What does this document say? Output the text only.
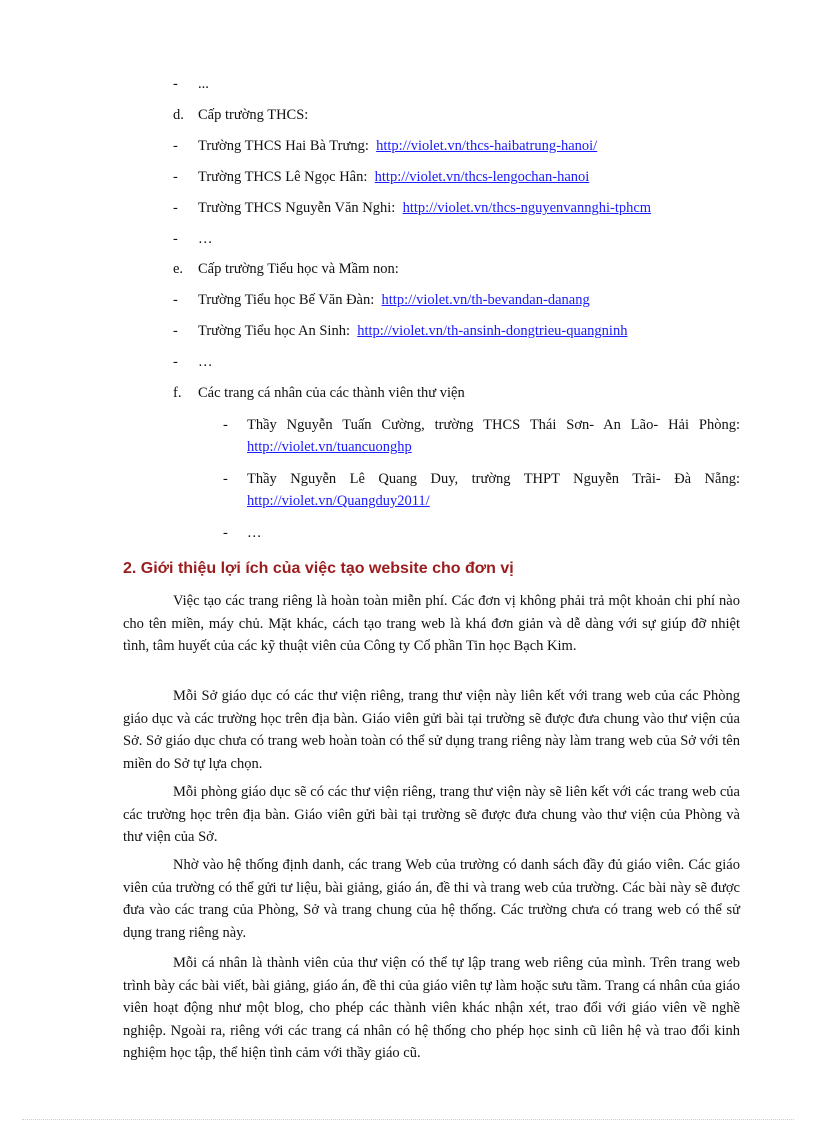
- ...
d. Cấp trường THCS:
- Trường THCS Hai Bà Trưng: http://violet.vn/thcs-haibatrung-hanoi/
- Trường THCS Lê Ngọc Hân: http://violet.vn/thcs-lengochan-hanoi
- Trường THCS Nguyễn Văn Nghi: http://violet.vn/thcs-nguyenvannghi-tphcm
- …
e. Cấp trường Tiểu học và Mầm non:
- Trường Tiểu học Bế Văn Đàn: http://violet.vn/th-bevandan-danang
- Trường Tiểu học An Sinh: http://violet.vn/th-ansinh-dongtrieu-quangninh
- …
f. Các trang cá nhân của các thành viên thư viện
- Thầy Nguyễn Tuấn Cường, trường THCS Thái Sơn- An Lão- Hải Phòng: http://violet.vn/tuancuonghp
- Thầy Nguyễn Lê Quang Duy, trường THPT Nguyễn Trãi- Đà Nẵng: http://violet.vn/Quangduy2011/
- …
2. Giới thiệu lợi ích của việc tạo website cho đơn vị

Việc tạo các trang riêng là hoàn toàn miễn phí. Các đơn vị không phải trả một khoản chi phí nào cho tên miền, máy chủ. Mặt khác, cách tạo trang web là khá đơn giản và dễ dàng với sự giúp đỡ nhiệt tình, tâm huyết của các kỹ thuật viên của Công ty Cổ phần Tin học Bạch Kim.

Mỗi Sở giáo dục có các thư viện riêng, trang thư viện này liên kết với trang web của các Phòng giáo dục và các trường học trên địa bàn. Giáo viên gửi bài tại trường sẽ được đưa chung vào thư viện của Sở. Sở giáo dục chưa có trang web hoàn toàn có thể sử dụng trang riêng này làm trang web của Sở với tên miền do Sở tự lựa chọn.

Mỗi phòng giáo dục sẽ có các thư viện riêng, trang thư viện này sẽ liên kết với các trang web của các trường học trên địa bàn. Giáo viên gửi bài tại trường sẽ được đưa chung vào thư viện của Phòng và thư viện của Sở.

Nhờ vào hệ thống định danh, các trang Web của trường có danh sách đầy đủ giáo viên. Các giáo viên của trường có thể gửi tư liệu, bài giảng, giáo án, đề thi và trang web của trường. Các bài này sẽ được đưa vào các trang của Phòng, Sở và trang chung của hệ thống. Các trường chưa có trang web có thể sử dụng trang riêng này.

Mỗi cá nhân là thành viên của thư viện có thể tự lập trang web riêng của mình. Trên trang web trình bày các bài viết, bài giảng, giáo án, đề thi của giáo viên tự làm hoặc sưu tầm. Trang cá nhân của giáo viên hoạt động như một blog, cho phép các thành viên khác nhận xét, trao đổi với giáo viên về nghề nghiệp. Ngoài ra, riêng với các trang cá nhân có hệ thống cho phép học sinh cũ liên hệ và trao đổi kinh nghiệm học tập, thể hiện tình cảm với thầy giáo cũ.
